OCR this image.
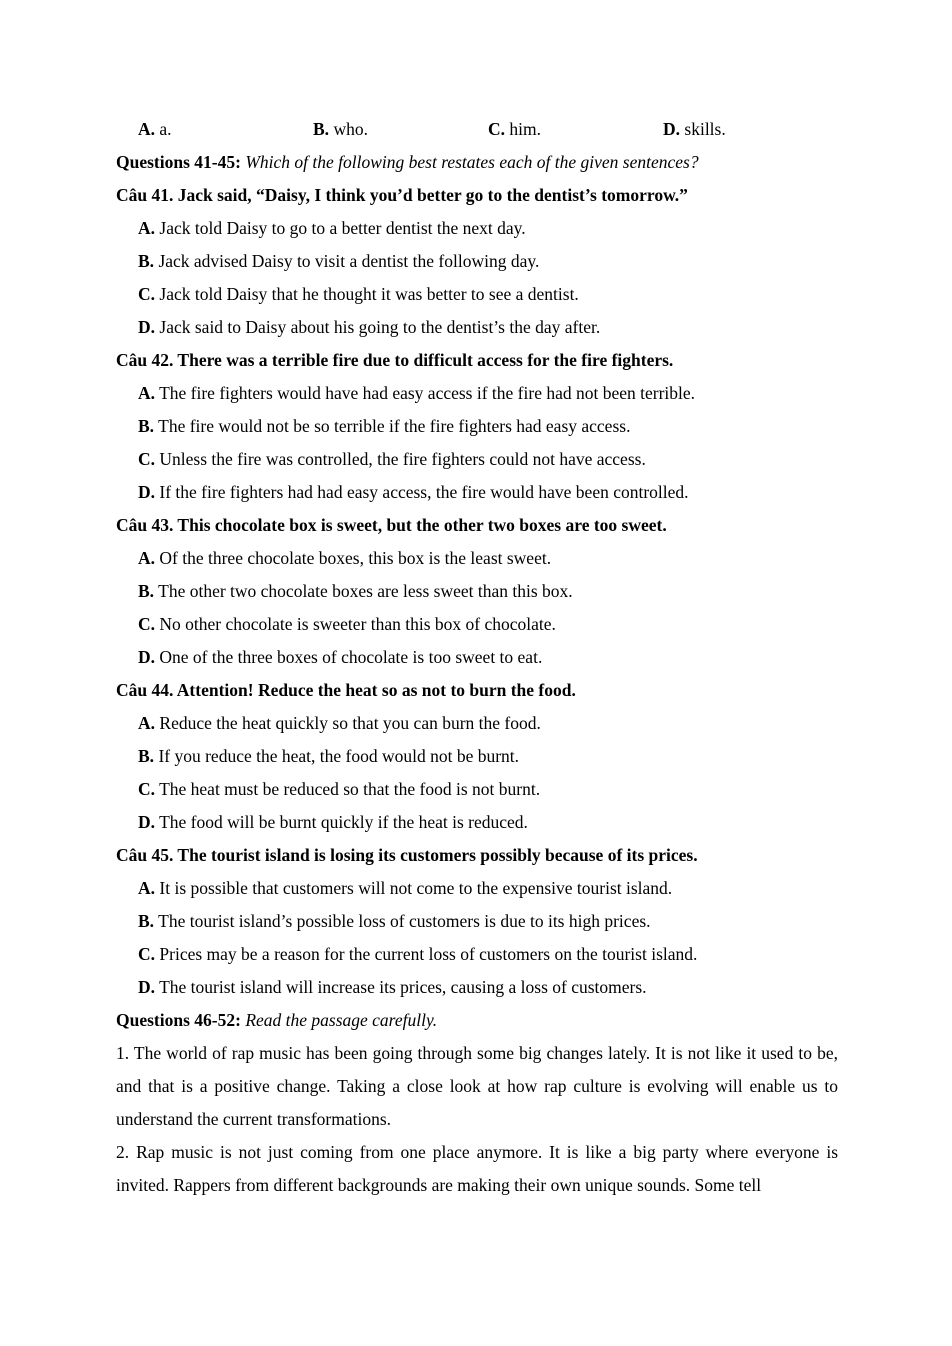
A. a.	B. who.	C. him.	D. skills.
Questions 41-45: Which of the following best restates each of the given sentences?
Câu 41. Jack said, “Daisy, I think you’d better go to the dentist’s tomorrow.”
A. Jack told Daisy to go to a better dentist the next day.
B. Jack advised Daisy to visit a dentist the following day.
C. Jack told Daisy that he thought it was better to see a dentist.
D. Jack said to Daisy about his going to the dentist’s the day after.
Câu 42. There was a terrible fire due to difficult access for the fire fighters.
A. The fire fighters would have had easy access if the fire had not been terrible.
B. The fire would not be so terrible if the fire fighters had easy access.
C. Unless the fire was controlled, the fire fighters could not have access.
D. If the fire fighters had had easy access, the fire would have been controlled.
Câu 43. This chocolate box is sweet, but the other two boxes are too sweet.
A. Of the three chocolate boxes, this box is the least sweet.
B. The other two chocolate boxes are less sweet than this box.
C. No other chocolate is sweeter than this box of chocolate.
D. One of the three boxes of chocolate is too sweet to eat.
Câu 44. Attention! Reduce the heat so as not to burn the food.
A. Reduce the heat quickly so that you can burn the food.
B. If you reduce the heat, the food would not be burnt.
C. The heat must be reduced so that the food is not burnt.
D. The food will be burnt quickly if the heat is reduced.
Câu 45. The tourist island is losing its customers possibly because of its prices.
A. It is possible that customers will not come to the expensive tourist island.
B. The tourist island’s possible loss of customers is due to its high prices.
C. Prices may be a reason for the current loss of customers on the tourist island.
D. The tourist island will increase its prices, causing a loss of customers.
Questions 46-52: Read the passage carefully.
1. The world of rap music has been going through some big changes lately. It is not like it used to be, and that is a positive change. Taking a close look at how rap culture is evolving will enable us to understand the current transformations.
2. Rap music is not just coming from one place anymore. It is like a big party where everyone is invited. Rappers from different backgrounds are making their own unique sounds. Some tell
